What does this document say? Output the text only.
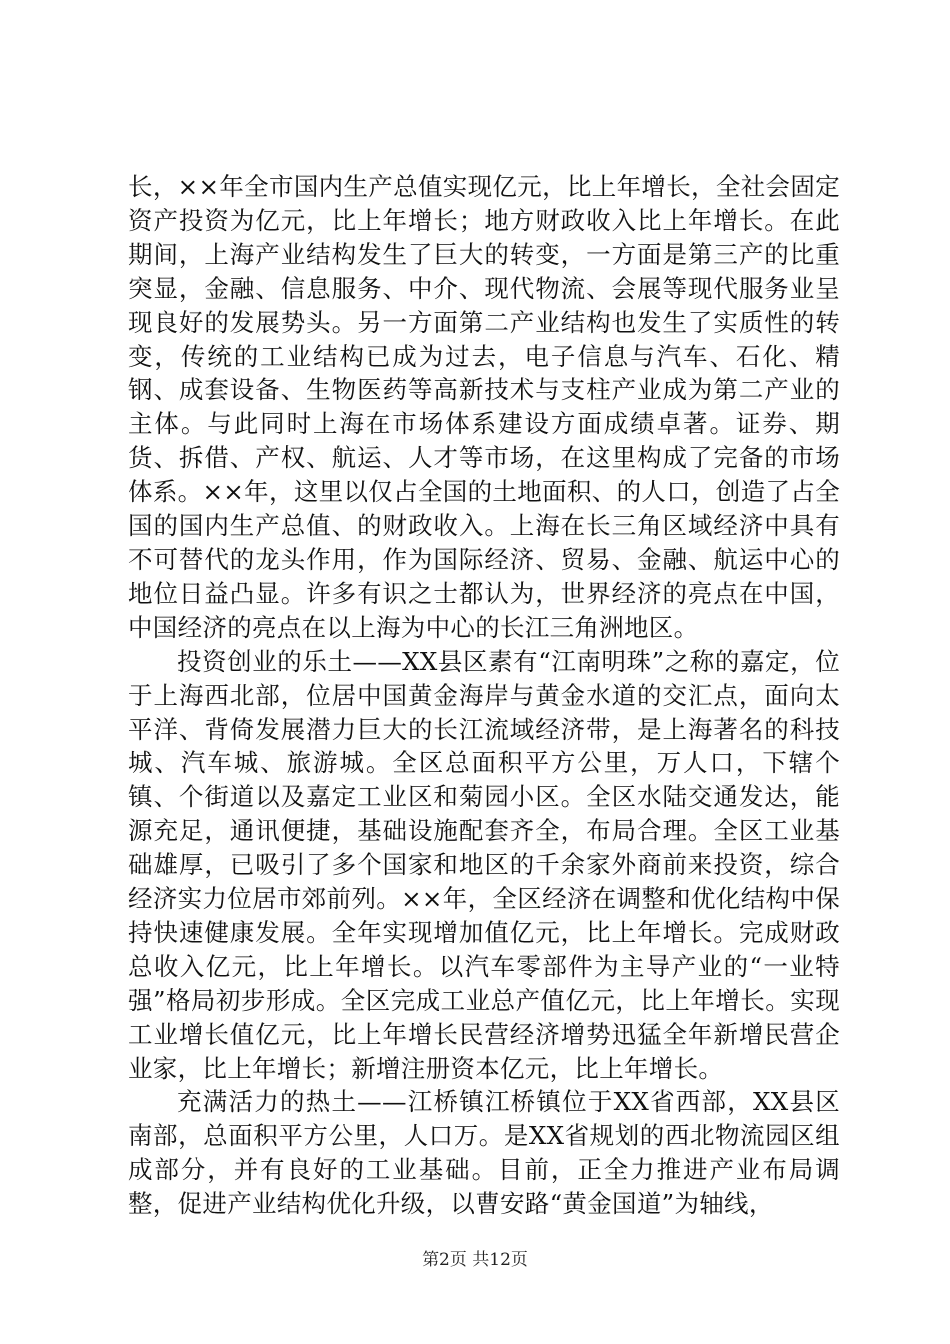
长，××年全市国内生产总值实现亿元，比上年增长，全社会固定资产投资为亿元，比上年增长；地方财政收入比上年增长。在此期间，上海产业结构发生了巨大的转变，一方面是第三产的比重突显，金融、信息服务、中介、现代物流、会展等现代服务业呈现良好的发展势头。另一方面第二产业结构也发生了实质性的转变，传统的工业结构已成为过去，电子信息与汽车、石化、精钢、成套设备、生物医药等高新技术与支柱产业成为第二产业的主体。与此同时上海在市场体系建设方面成绩卓著。证券、期货、拆借、产权、航运、人才等市场，在这里构成了完备的市场体系。××年，这里以仅占全国的土地面积、的人口，创造了占全国的国内生产总值、的财政收入。上海在长三角区域经济中具有不可替代的龙头作用，作为国际经济、贸易、金融、航运中心的地位日益凸显。许多有识之士都认为，世界经济的亮点在中国，中国经济的亮点在以上海为中心的长江三角洲地区。

投资创业的乐土——XX县区素有“江南明珠”之称的嘉定，位于上海西北部，位居中国黄金海岸与黄金水道的交汇点，面向太平洋、背倚发展潜力巨大的长江流域经济带，是上海著名的科技城、汽车城、旅游城。全区总面积平方公里，万人口，下辖个镇、个街道以及嘉定工业区和菊园小区。全区水陆交通发达，能源充足，通讯便捷，基础设施配套齐全，布局合理。全区工业基础雄厚，已吸引了多个国家和地区的千余家外商前来投资，综合经济实力位居市郊前列。××年，全区经济在调整和优化结构中保持快速健康发展。全年实现增加值亿元，比上年增长。完成财政总收入亿元，比上年增长。以汽车零部件为主导产业的“一业特强”格局初步形成。全区完成工业总产值亿元，比上年增长。实现工业增长值亿元，比上年增长民营经济增势迅猛全年新增民营企业家，比上年增长；新增注册资本亿元，比上年增长。

充满活力的热土——江桥镇江桥镇位于XX省西部，XX县区南部，总面积平方公里，人口万。是XX省规划的西北物流园区组成部分，并有良好的工业基础。目前，正全力推进产业布局调整，促进产业结构优化升级，以曹安路“黄金国道”为轴线，

第2页 共12页
